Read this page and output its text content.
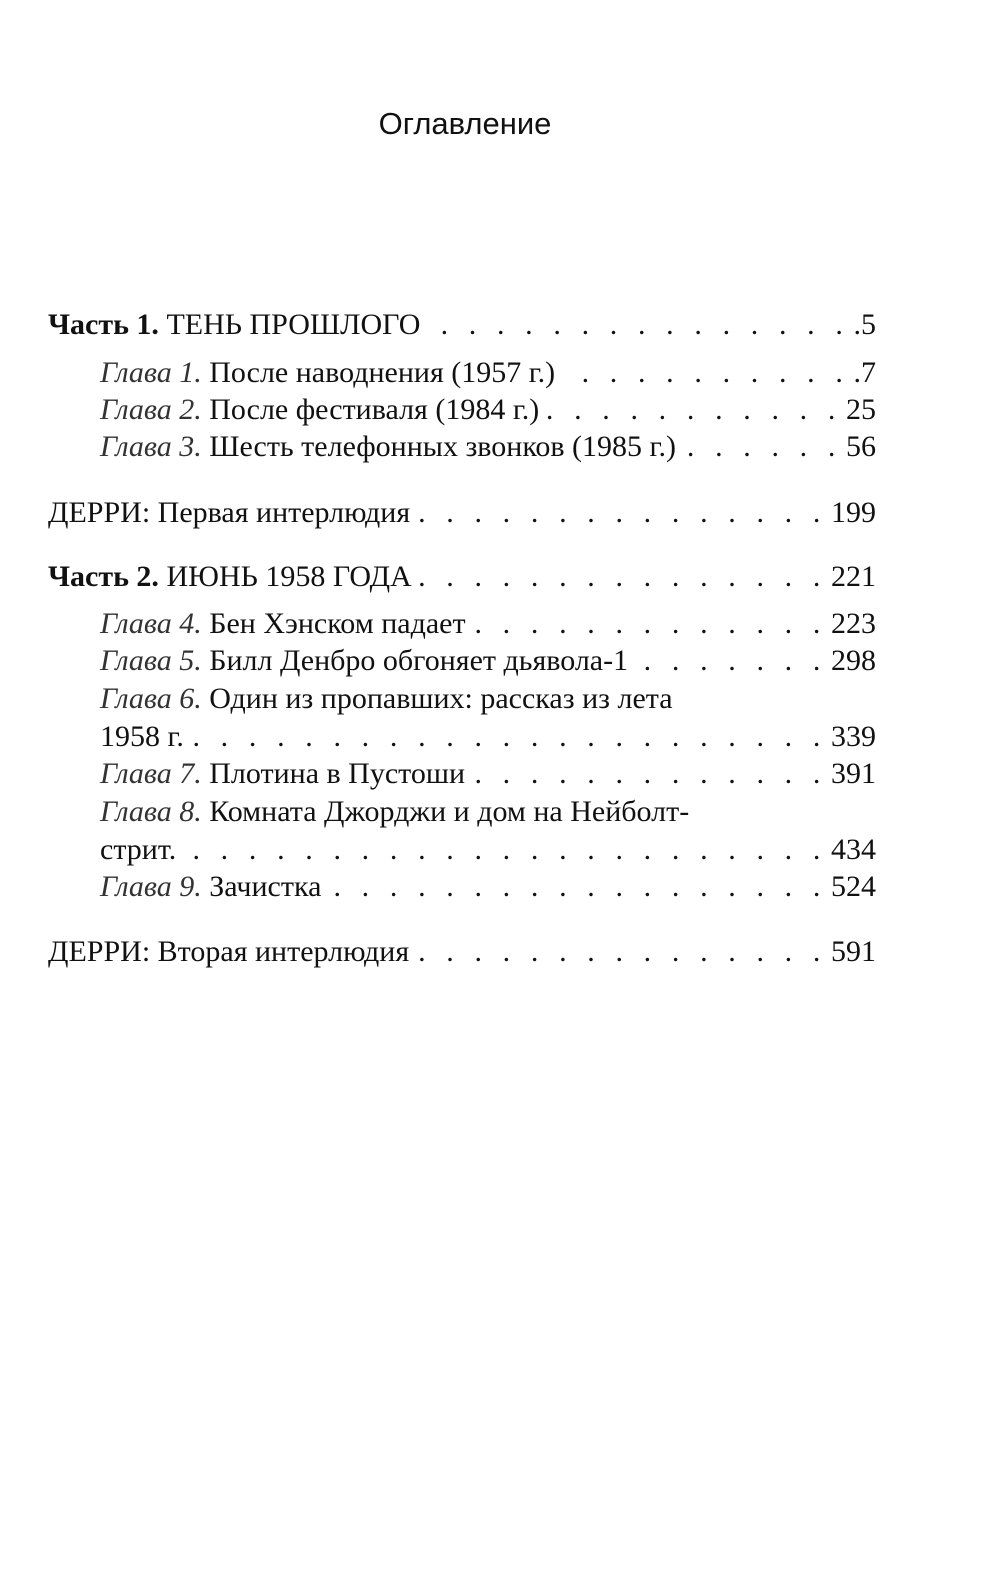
Оглавление
Часть 1. ТЕНЬ ПРОШЛОГО . . .	.5
Глава 1. После наводнения (1957 г.) . . .	.7
Глава 2. После фестиваля (1984 г.) . . .	25
Глава 3. Шесть телефонных звонков (1985 г.) . . .	56
ДЕРРИ: Первая интерлюдия . . .	199
Часть 2. ИЮНЬ 1958 ГОДА . . .	221
Глава 4. Бен Хэнском падает . . .	223
Глава 5. Билл Денбро обгоняет дьявола-1 . . .	298
Глава 6. Один из пропавших: рассказ из лета
1958 г. . . .	339
Глава 7. Плотина в Пустоши . . .	391
Глава 8. Комната Джорджи и дом на Нейболт-
стрит. . . .	434
Глава 9. Зачистка . . .	524
ДЕРРИ: Вторая интерлюдия . . .	591
